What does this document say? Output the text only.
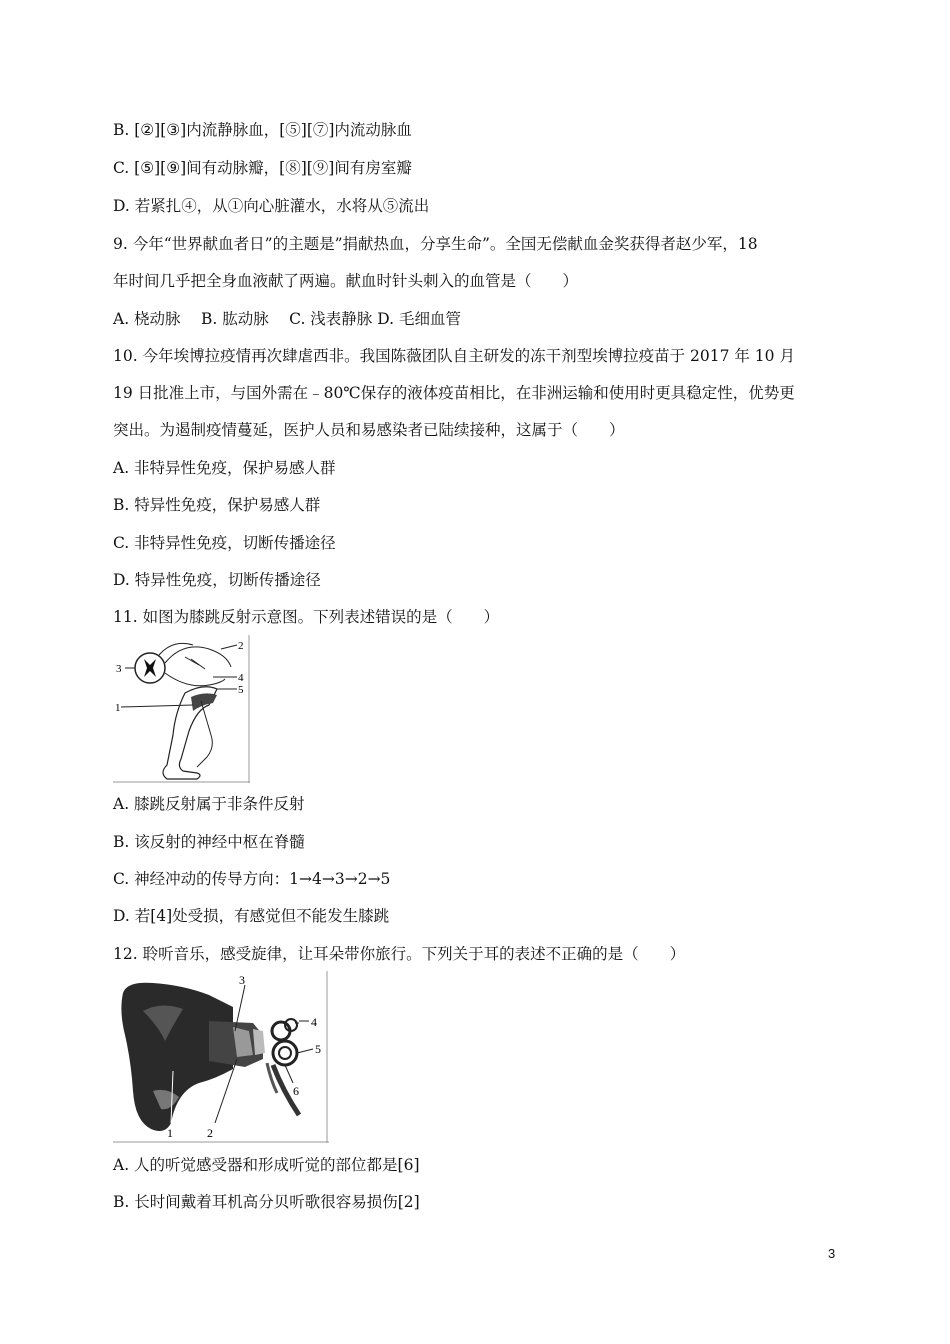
B. [②][③]内流静脉血，[⑤][⑦]内流动脉血
C. [⑤][⑨]间有动脉瓣，[⑧][⑨]间有房室瓣
D. 若紧扎④，从①向心脏灌水，水将从⑤流出
9. 今年“世界献血者日”的主题是”捐献热血，分享生命”。全国无偿献血金奖获得者赵少军，18
年时间几乎把全身血液献了两遍。献血时针头刺入的血管是（　　）
A. 桡动脉　 B. 肱动脉　 C. 浅表静脉 D. 毛细血管
10. 今年埃博拉疫情再次肆虐西非。我国陈薇团队自主研发的冻干剂型埃博拉疫苗于 2017 年 10 月
19 日批准上市，与国外需在﹣80℃保存的液体疫苗相比，在非洲运输和使用时更具稳定性，优势更
突出。为遏制疫情蔓延，医护人员和易感染者已陆续接种，这属于（　　）
A. 非特异性免疫，保护易感人群
B. 特异性免疫，保护易感人群
C. 非特异性免疫，切断传播途径
D. 特异性免疫，切断传播途径
11. 如图为膝跳反射示意图。下列表述错误的是（　　）
1
2
3
4
5
A. 膝跳反射属于非条件反射
B. 该反射的神经中枢在脊髓
C. 神经冲动的传导方向：1→4→3→2→5
D. 若[4]处受损，有感觉但不能发生膝跳
12. 聆听音乐，感受旋律，让耳朵带你旅行。下列关于耳的表述不正确的是（　　）
1	2
3
4
5
6
A. 人的听觉感受器和形成听觉的部位都是[6]
B. 长时间戴着耳机高分贝听歌很容易损伤[2]
3
